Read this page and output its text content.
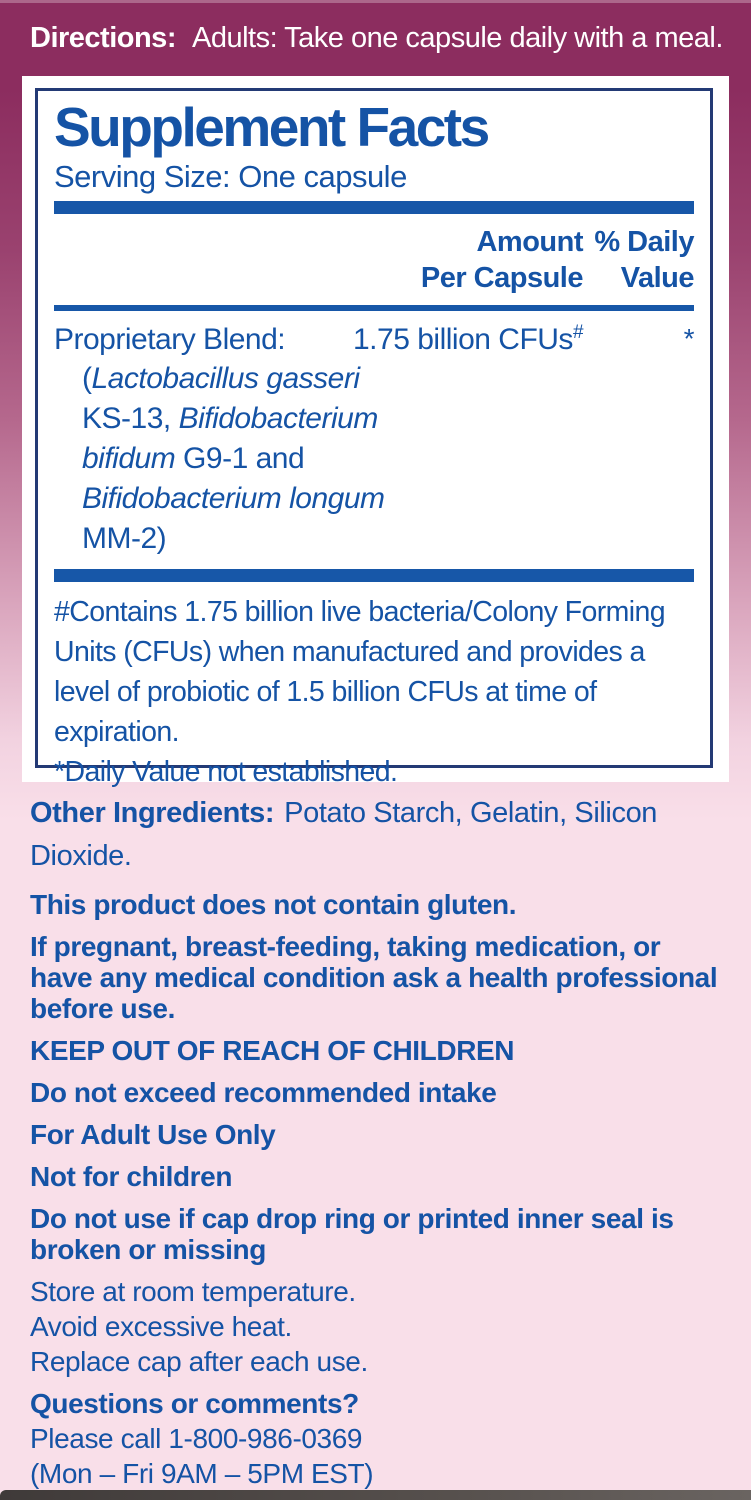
Directions: Adults: Take one capsule daily with a meal.
Supplement Facts
Serving Size: One capsule
Amount
Per Capsule
% Daily
Value
Proprietary Blend:	1.75 billion CFUs#	*
(Lactobacillus gasseri
KS-13, Bifidobacterium
bifidum G9-1 and
Bifidobacterium longum
MM-2)

#Contains 1.75 billion live bacteria/Colony Forming Units (CFUs) when manufactured and provides a level of probiotic of 1.5 billion CFUs at time of expiration.

*Daily Value not established.

Other Ingredients: Potato Starch, Gelatin, Silicon Dioxide.

This product does not contain gluten.

If pregnant, breast-feeding, taking medication, or have any medical condition ask a health professional before use.

KEEP OUT OF REACH OF CHILDREN

Do not exceed recommended intake

For Adult Use Only

Not for children

Do not use if cap drop ring or printed inner seal is broken or missing

Store at room temperature.

Avoid excessive heat.

Replace cap after each use.

Questions or comments?

Please call 1-800-986-0369

(Mon – Fri 9AM – 5PM EST)
